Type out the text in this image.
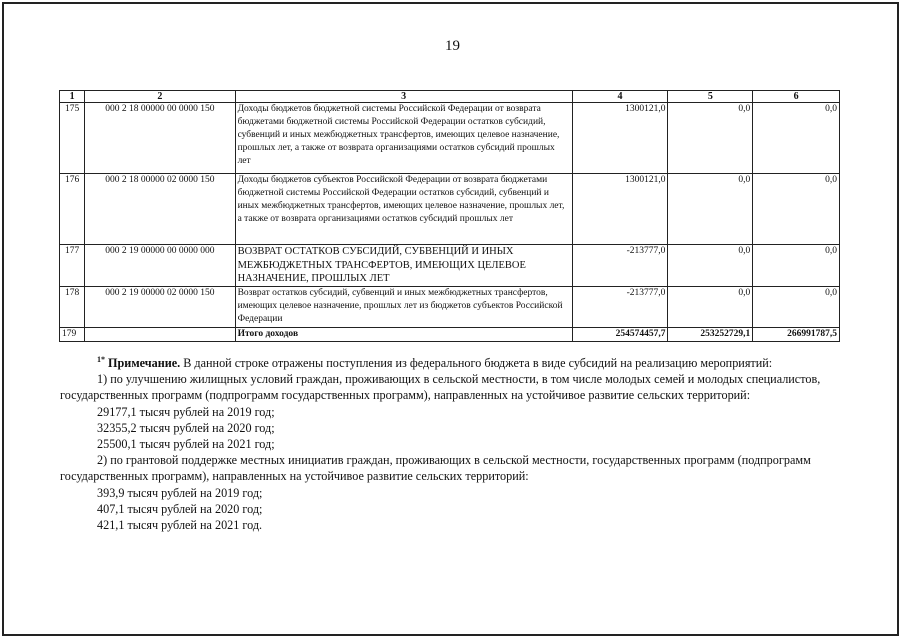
19
1	2	3	4	5	6
175	000 2 18 00000 00 0000 150	Доходы бюджетов бюджетной системы Российской Федерации от возврата бюджетами бюджетной системы Российской Федерации остатков субсидий, субвенций и иных межбюджетных трансфертов, имеющих целевое назначение, прошлых лет, а также от возврата организациями остатков субсидий прошлых лет	1300121,0	0,0	0,0
176	000 2 18 00000 02 0000 150	Доходы бюджетов субъектов Российской Федерации от возврата бюджетами бюджетной системы Российской Федерации остатков субсидий, субвенций и иных межбюджетных трансфертов, имеющих целевое назначение, прошлых лет, а также от возврата организациями остатков субсидий прошлых лет	1300121,0	0,0	0,0
177	000 2 19 00000 00 0000 000	ВОЗВРАТ ОСТАТКОВ СУБСИДИЙ, СУБВЕНЦИЙ И ИНЫХ МЕЖБЮДЖЕТНЫХ ТРАНСФЕРТОВ, ИМЕЮЩИХ ЦЕЛЕВОЕ НАЗНАЧЕНИЕ, ПРОШЛЫХ ЛЕТ	-213777,0	0,0	0,0
178	000 2 19 00000 02 0000 150	Возврат остатков субсидий, субвенций и иных межбюджетных трансфертов, имеющих целевое назначение, прошлых лет из бюджетов субъектов Российской Федерации	-213777,0	0,0	0,0
179		Итого доходов	254574457,7	253252729,1	266991787,5

$^{1*}$ Примечание. В данной строке отражены поступления из федерального бюджета в виде субсидий на реализацию мероприятий:

1) по улучшению жилищных условий граждан, проживающих в сельской местности, в том числе молодых семей и молодых специалистов, государственных программ (подпрограмм государственных программ), направленных на устойчивое развитие сельских территорий:

29177,1 тысяч рублей на 2019 год;

32355,2 тысяч рублей на 2020 год;

25500,1 тысяч рублей на 2021 год;

2) по грантовой поддержке местных инициатив граждан, проживающих в сельской местности, государственных программ (подпрограмм государственных программ), направленных на устойчивое развитие сельских территорий:

393,9 тысяч рублей на 2019 год;

407,1 тысяч рублей на 2020 год;

421,1 тысяч рублей на 2021 год.
